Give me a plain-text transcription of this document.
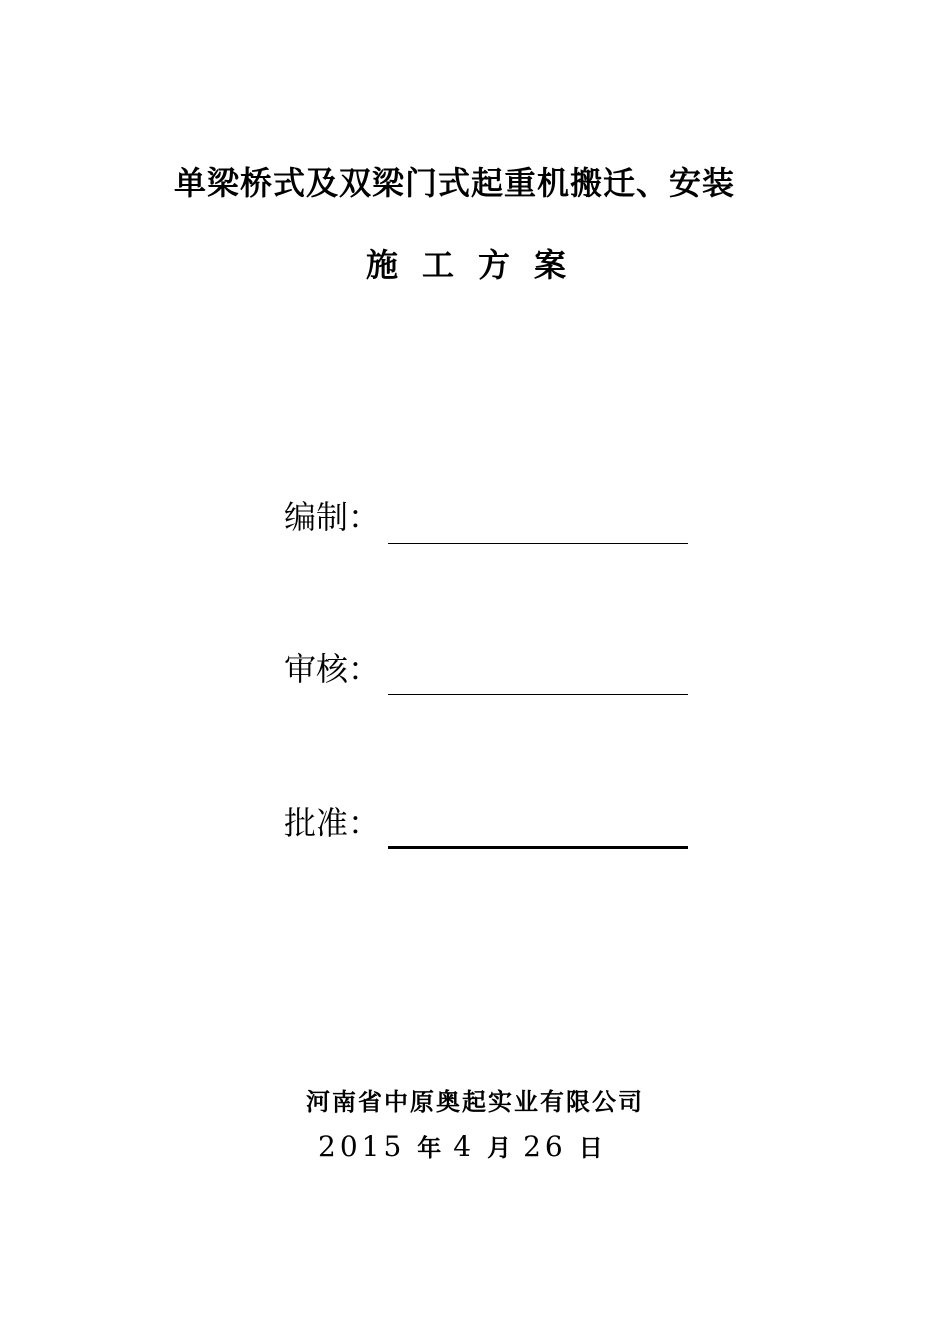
单梁桥式及双梁门式起重机搬迁、安装
施工方案
编制：
审核：
批准：
河南省中原奥起实业有限公司
2015 年 4 月 26 日
